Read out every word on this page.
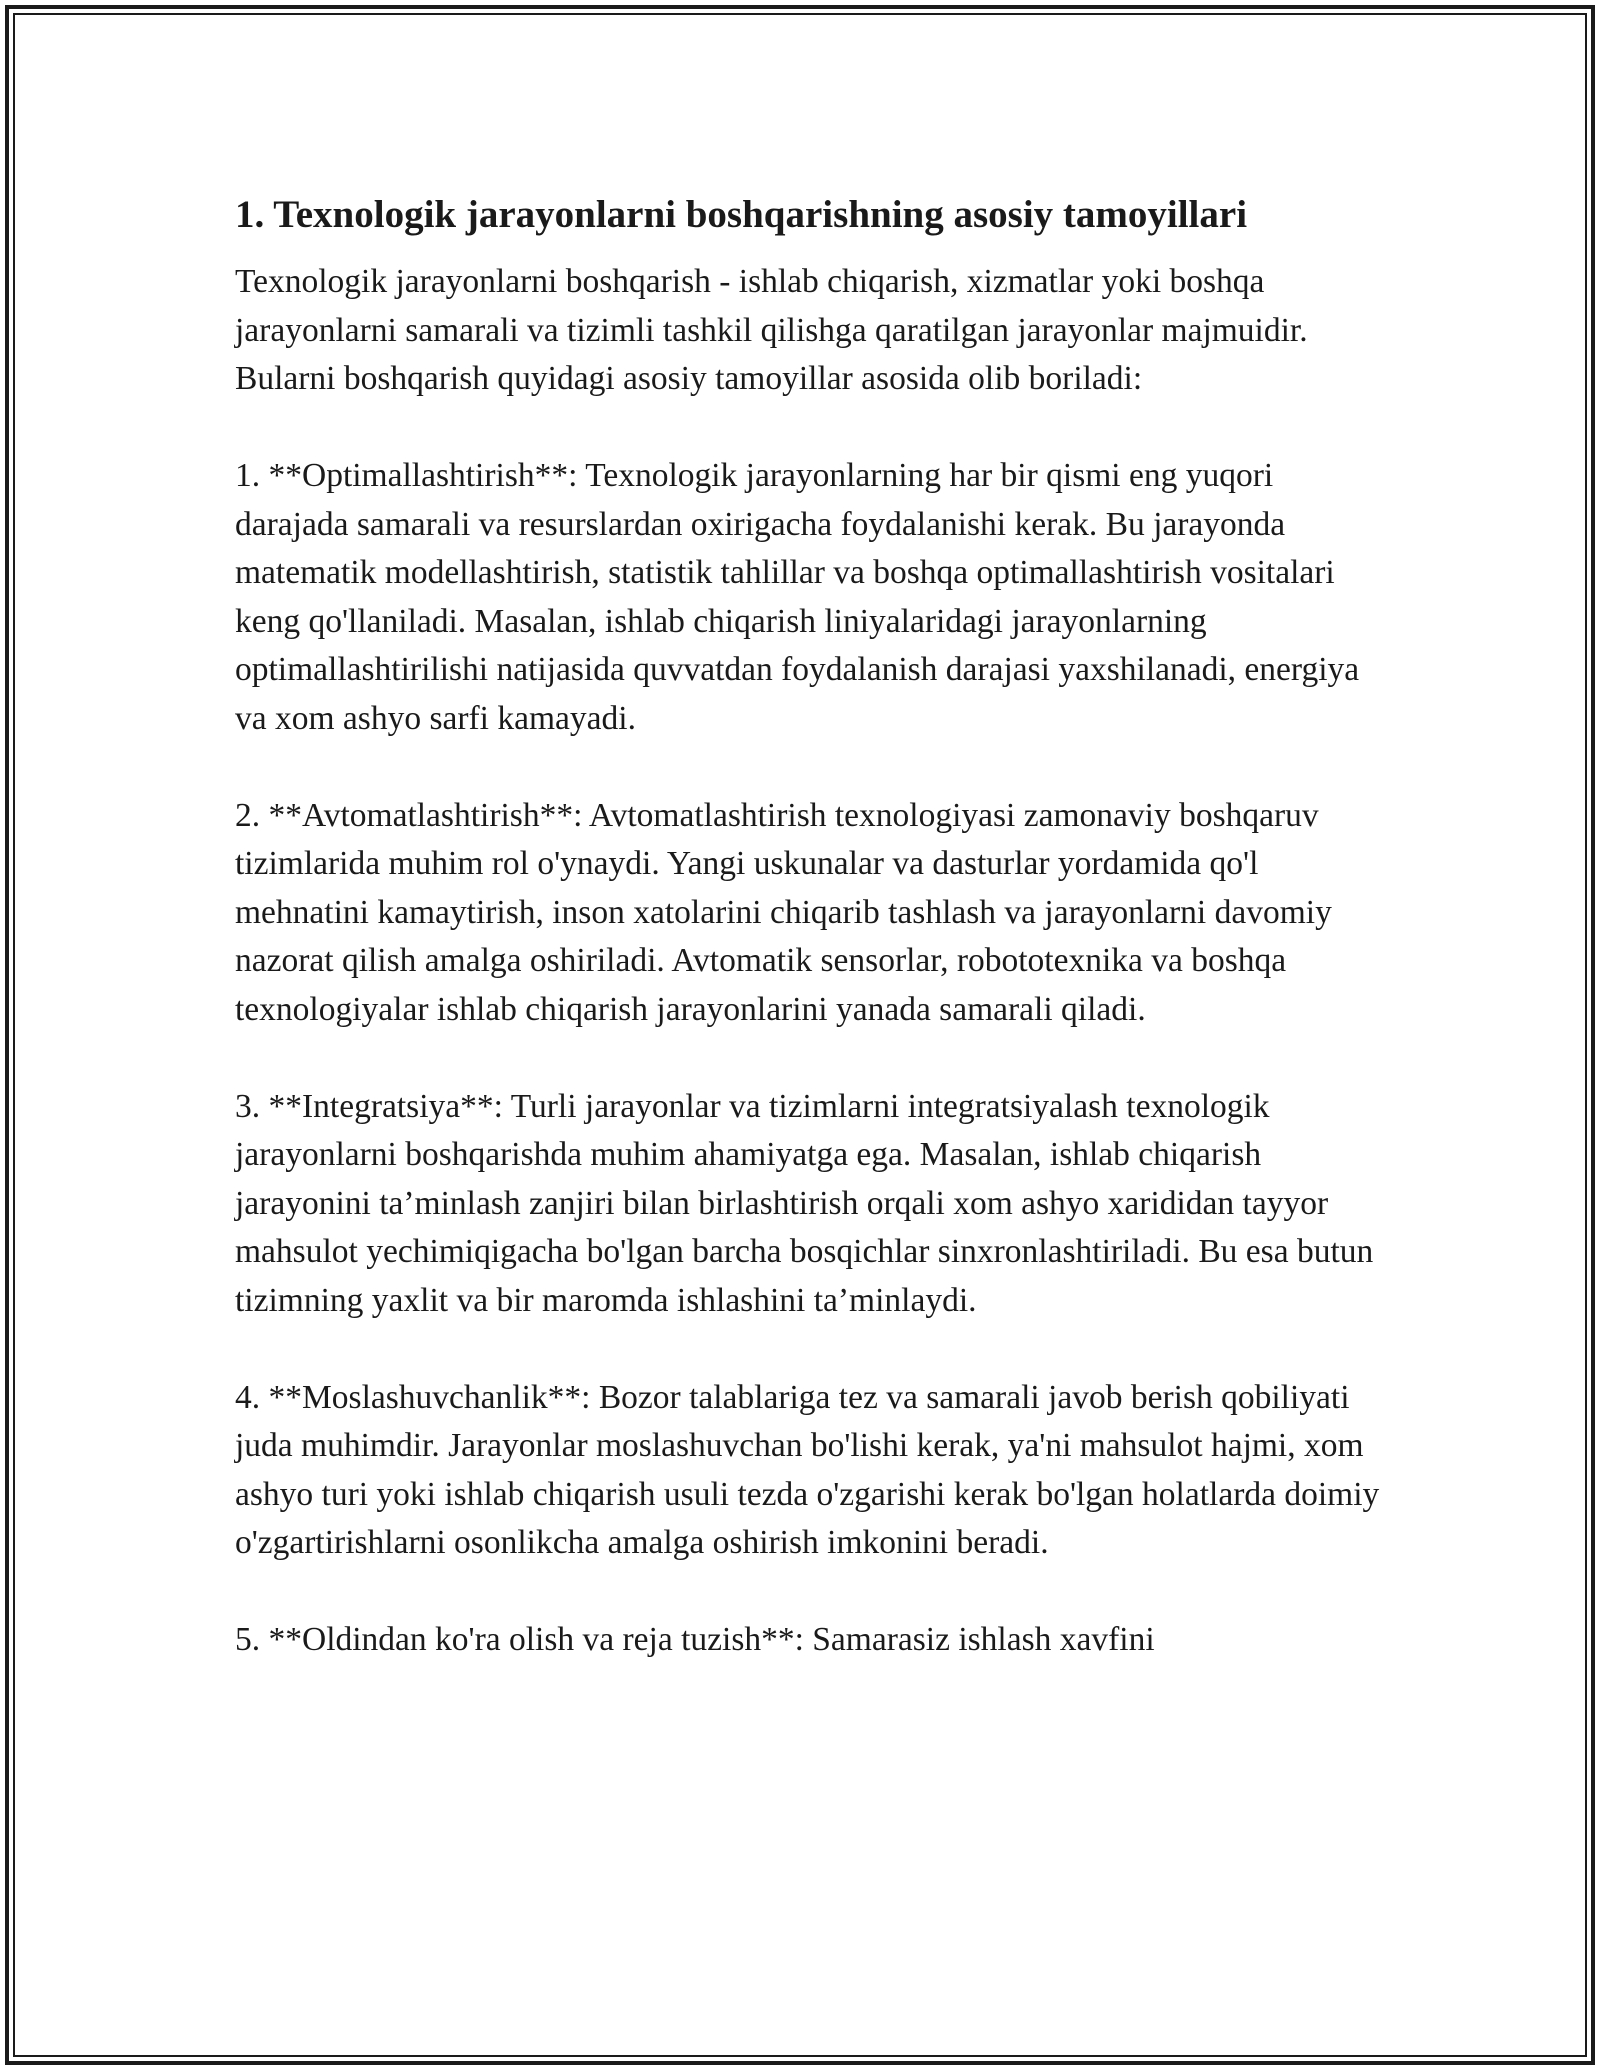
1. Texnologik jarayonlarni boshqarishning asosiy tamoyillari

Texnologik jarayonlarni boshqarish - ishlab chiqarish, xizmatlar yoki boshqa jarayonlarni samarali va tizimli tashkil qilishga qaratilgan jarayonlar majmuidir. Bularni boshqarish quyidagi asosiy tamoyillar asosida olib boriladi:

1. **Optimallashtirish**: Texnologik jarayonlarning har bir qismi eng yuqori darajada samarali va resurslardan oxirigacha foydalanishi kerak. Bu jarayonda matematik modellashtirish, statistik tahlillar va boshqa optimallashtirish vositalari keng qo'llaniladi. Masalan, ishlab chiqarish liniyalaridagi jarayonlarning optimallashtirilishi natijasida quvvatdan foydalanish darajasi yaxshilanadi, energiya va xom ashyo sarfi kamayadi.

2. **Avtomatlashtirish**: Avtomatlashtirish texnologiyasi zamonaviy boshqaruv tizimlarida muhim rol o'ynaydi. Yangi uskunalar va dasturlar yordamida qo'l mehnatini kamaytirish, inson xatolarini chiqarib tashlash va jarayonlarni davomiy nazorat qilish amalga oshiriladi. Avtomatik sensorlar, robototexnika va boshqa texnologiyalar ishlab chiqarish jarayonlarini yanada samarali qiladi.

3. **Integratsiya**: Turli jarayonlar va tizimlarni integratsiyalash texnologik jarayonlarni boshqarishda muhim ahamiyatga ega. Masalan, ishlab chiqarish jarayonini ta’minlash zanjiri bilan birlashtirish orqali xom ashyo xarididan tayyor mahsulot yechimiqigacha bo'lgan barcha bosqichlar sinxronlashtiriladi. Bu esa butun tizimning yaxlit va bir maromda ishlashini ta’minlaydi.

4. **Moslashuvchanlik**: Bozor talablariga tez va samarali javob berish qobiliyati juda muhimdir. Jarayonlar moslashuvchan bo'lishi kerak, ya'ni mahsulot hajmi, xom ashyo turi yoki ishlab chiqarish usuli tezda o'zgarishi kerak bo'lgan holatlarda doimiy o'zgartirishlarni osonlikcha amalga oshirish imkonini beradi.

5. **Oldindan ko'ra olish va reja tuzish**: Samarasiz ishlash xavfini
